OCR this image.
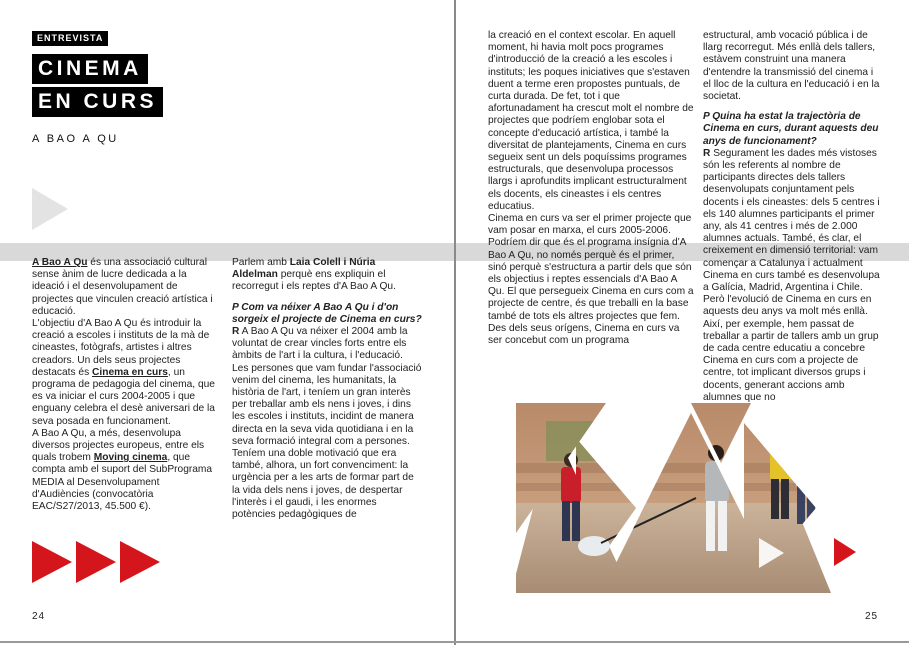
ENTREVISTA
CINEMA
EN CURS
A BAO A QU

A Bao A Qu és una associació cultural sense ànim de lucre dedicada a la ideació i el desenvolupament de projectes que vinculen creació artística i educació.

L'objectiu d'A Bao A Qu és introduir la creació a escoles i instituts de la mà de cineastes, fotògrafs, artistes i altres creadors. Un dels seus projectes destacats és Cinema en curs, un programa de pedagogia del cinema, que es va iniciar el curs 2004-2005 i que enguany celebra el desè aniversari de la seva posada en funcionament.

A Bao A Qu, a més, desenvolupa diversos projectes europeus, entre els quals trobem Moving cinema, que compta amb el suport del SubPrograma MEDIA al Desenvolupament d'Audiències (convocatòria EAC/S27/2013, 45.500 €).

Parlem amb Laia Colell i Núria Aldelman perquè ens expliquin el recorregut i els reptes d'A Bao A Qu.

P Com va néixer A Bao A Qu i d'on sorgeix el projecte de Cinema en curs?

R A Bao A Qu va néixer el 2004 amb la voluntat de crear vincles forts entre els àmbits de l'art i la cultura, i l'educació. Les persones que vam fundar l'associació venim del cinema, les humanitats, la història de l'art, i teníem un gran interès per treballar amb els nens i joves, i dins les escoles i instituts, incidint de manera directa en la seva vida quotidiana i en la seva formació integral com a persones. Teníem una doble motivació que era també, alhora, un fort convenciment: la urgència per a les arts de formar part de la vida dels nens i joves, de despertar l'interès i el gaudi, i les enormes potències pedagògiques de

24

la creació en el context escolar. En aquell moment, hi havia molt pocs programes d'introducció de la creació a les escoles i instituts; les poques iniciatives que s'estaven duent a terme eren propostes puntuals, de curta durada. De fet, tot i que afortunadament ha crescut molt el nombre de projectes que podríem englobar sota el concepte d'educació artística, i també la diversitat de plantejaments, Cinema en curs segueix sent un dels poquíssims programes estructurals, que desenvolupa processos llargs i aprofundits implicant estructuralment els docents, els cineastes i els centres educatius.

Cinema en curs va ser el primer projecte que vam posar en marxa, el curs 2005-2006. Podríem dir que és el programa insígnia d'A Bao A Qu, no només perquè és el primer, sinó perquè s'estructura a partir dels que són els objectius i reptes essencials d'A Bao A Qu. El que persegueix Cinema en curs com a projecte de centre, és que treballi en la base també de tots els altres projectes que fem. Des dels seus orígens, Cinema en curs va ser concebut com un programa

estructural, amb vocació pública i de llarg recorregut. Més enllà dels tallers, estàvem construint una manera d'entendre la transmissió del cinema i el lloc de la cultura en l'educació i en la societat.

P Quina ha estat la trajectòria de Cinema en curs, durant aquests deu anys de funcionament?

R Segurament les dades més vistoses són les referents al nombre de participants directes dels tallers desenvolupats conjuntament pels docents i els cineastes: dels 5 centres i els 140 alumnes participants el primer any, als 41 centres i més de 2.000 alumnes actuals. També, és clar, el creixement en dimensió territorial: vam començar a Catalunya i actualment Cinema en curs també es desenvolupa a Galícia, Madrid, Argentina i Chile. Però l'evolució de Cinema en curs en aquests deu anys va molt més enllà. Així, per exemple, hem passat de treballar a partir de tallers amb un grup de cada centre educatiu a concebre Cinema en curs com a projecte de centre, tot implicant diversos grups i docents, generant accions amb alumnes que no

25
